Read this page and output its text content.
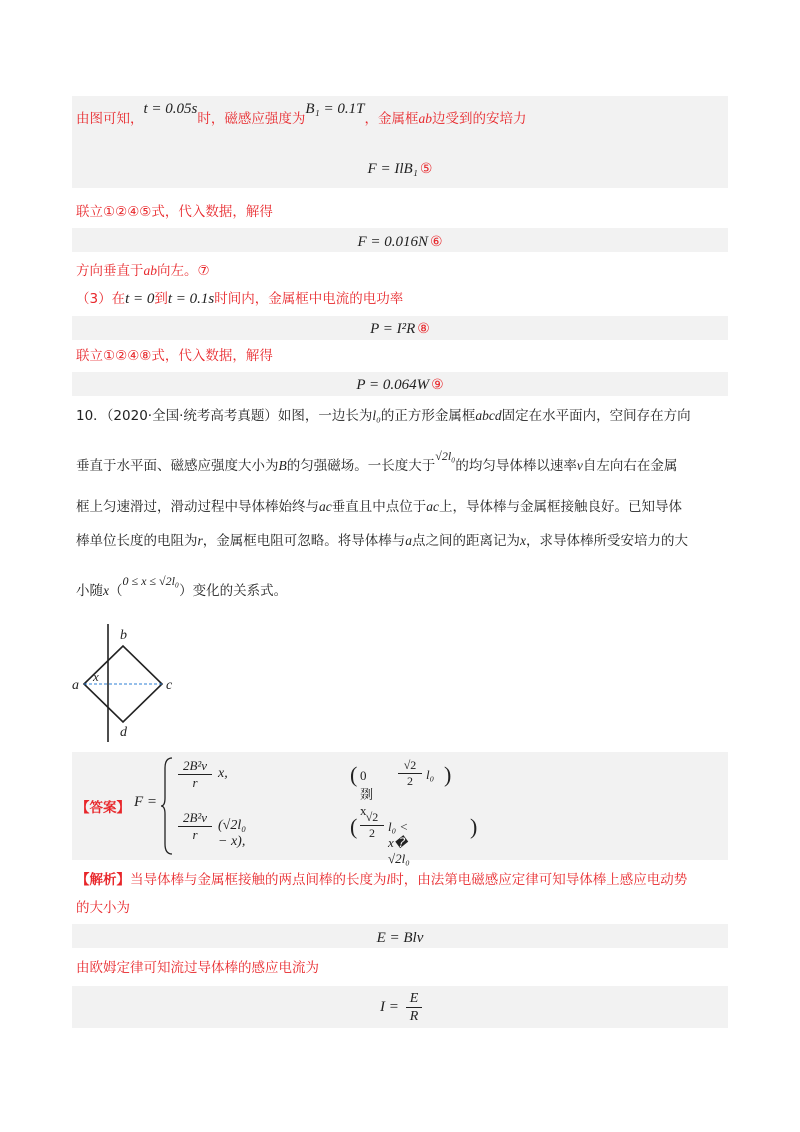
由图可知，t = 0.05s时，磁感应强度为B₁ = 0.1T，金属框ab边受到的安培力
F = IlB₁ ⑤
联立①②④⑤式，代入数据，解得
F = 0.016N ⑥
方向垂直于ab向左。⑦
（3）在t = 0到t = 0.1s时间内，金属框中电流的电功率
P = I²R ⑧
联立①②④⑧式，代入数据，解得
P = 0.064W ⑨
10．（2020·全国·统考高考真题）如图，一边长为l₀的正方形金属框abcd固定在水平面内，空间存在方向
垂直于水平面、磁感应强度大小为B的匀强磁场。一长度大于√2l₀的均匀导体棒以速率v自左向右在金属
框上匀速滑过，滑动过程中导体棒始终与ac垂直且中点位于ac上，导体棒与金属框接触良好。已知导体
棒单位长度的电阻为r，金属框电阻可忽略。将导体棒与a点之间的距离记为x，求导体棒所受安培力的大
小随x（0 ≤ x ≤ √2l₀）变化的关系式。
a
b
c
d
x
【答案】 F =
$\frac{\text{2B²v}}{r} x$,	( 0剟x
$\frac{√2}{2} l_0$ )
$\frac{\text{2B²v}}{r} (√2l_0 - x)$,
( $\frac{√2}{2} l_0$ < x� √2l₀
)
【解析】当导体棒与金属框接触的两点间棒的长度为l时，由法第电磁感应定律可知导体棒上感应电动势
的大小为
E = Blv
由欧姆定律可知流过导体棒的感应电流为
$I = \frac{E}{R}$
